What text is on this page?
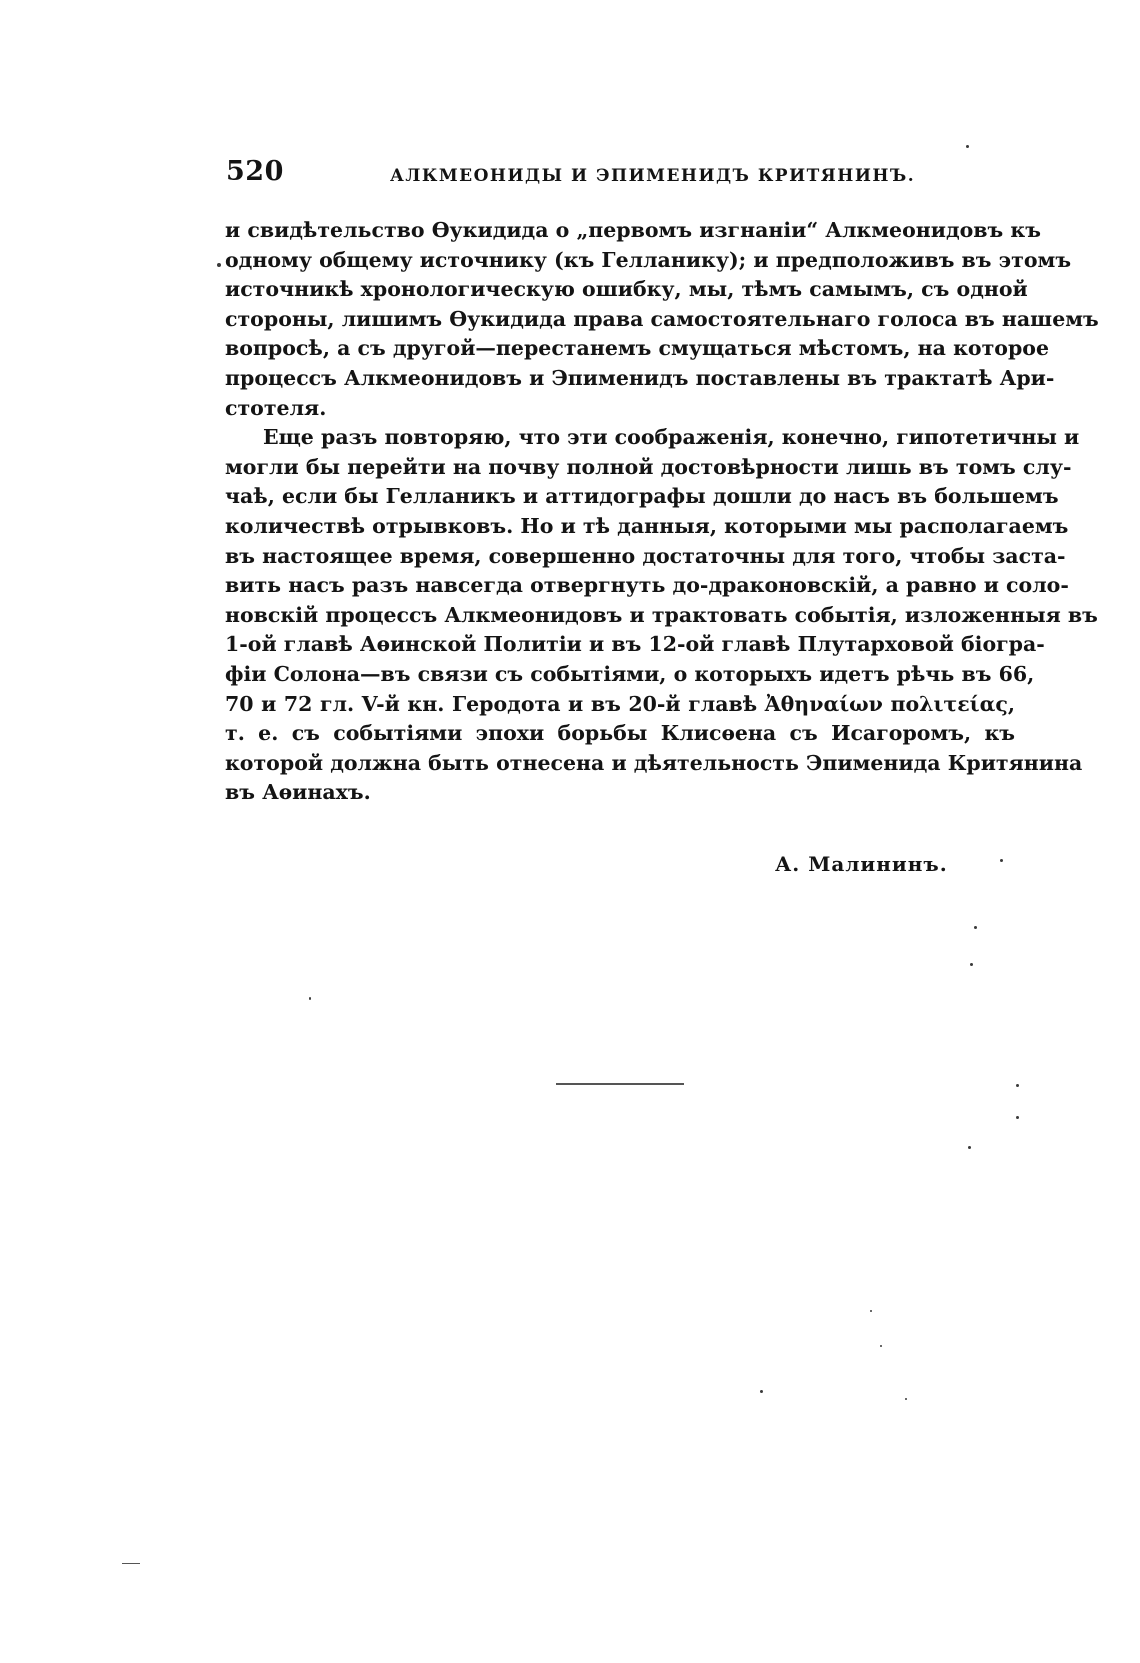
520	АЛКМЕОНИДЫ И ЭПИМЕНИДЪ КРИТЯНИНЪ.
и свидѣтельство Ѳукидида о „первомъ изгнанiи“ Алкмеонидовъ къ
одному общему источнику (къ Гелланику); и предположивъ въ этомъ
источникѣ хронологическую ошибку, мы, тѣмъ самымъ, съ одной
стороны, лишимъ Ѳукидида права самостоятельнаго голоса въ нашемъ
вопросѣ, а съ другой—перестанемъ смущаться мѣстомъ, на которое
процессъ Алкмеонидовъ и Эпименидъ поставлены въ трактатѣ Ари-
стотеля.
Еще разъ повторяю, что эти соображенiя, конечно, гипотетичны и
могли бы перейти на почву полной достовѣрности лишь въ томъ слу-
чаѣ, если бы Гелланикъ и аттидографы дошли до насъ въ большемъ
количествѣ отрывковъ. Но и тѣ данныя, которыми мы располагаемъ
въ настоящее время, совершенно достаточны для того, чтобы заста-
вить насъ разъ навсегда отвергнуть до-драконовскiй, а равно и соло-
новскiй процессъ Алкмеонидовъ и трактовать событiя, изложенныя въ
1-ой главѣ Аѳинской Политiи и въ 12-ой главѣ Плутарховой бiогра-
фiи Солона—въ связи съ событiями, о которыхъ идетъ рѣчь въ 66,
70 и 72 гл. V-й кн. Геродота и въ 20-й главѣ Ἀθηναίων πολιτείας,
т. е. съ событiями эпохи борьбы Клисѳена съ Исагоромъ, къ
которой должна быть отнесена и дѣятельность Эпименида Критянина
въ Аѳинахъ.
А. Малининъ.
